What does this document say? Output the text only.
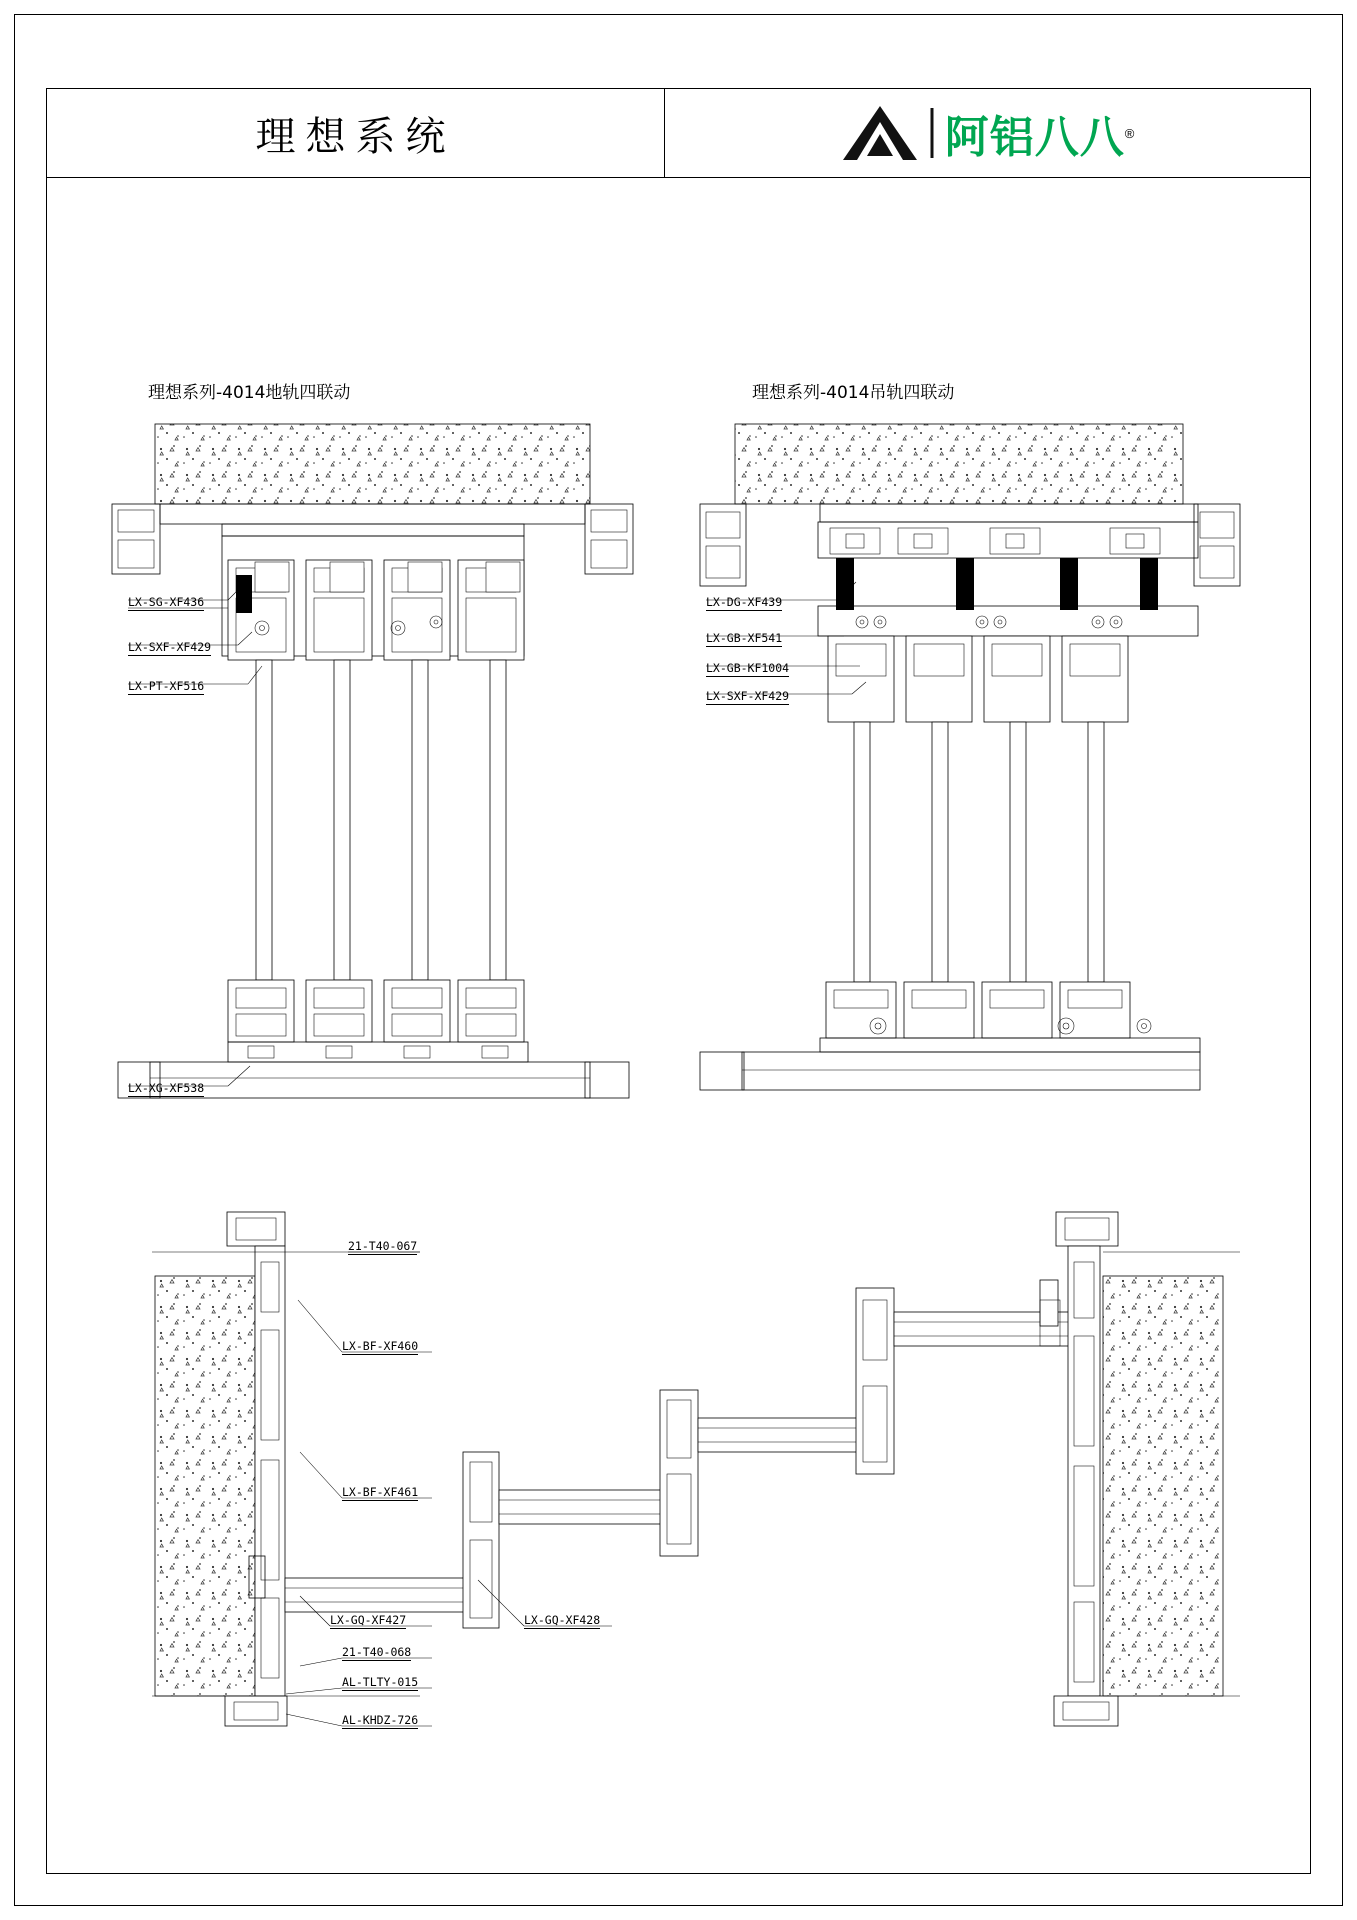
理想系统	阿铝八八 ®
理想系列-4014地轨四联动	理想系列-4014吊轨四联动
LX-SG-XF436
LX-SXF-XF429
LX-PT-XF516
LX-XG-XF538
LX-DG-XF439
LX-GB-XF541
LX-GB-KF1004
LX-SXF-XF429
21-T40-067
LX-BF-XF460
LX-BF-XF461
LX-GQ-XF427	LX-GQ-XF428
21-T40-068
AL-TLTY-015
AL-KHDZ-726
